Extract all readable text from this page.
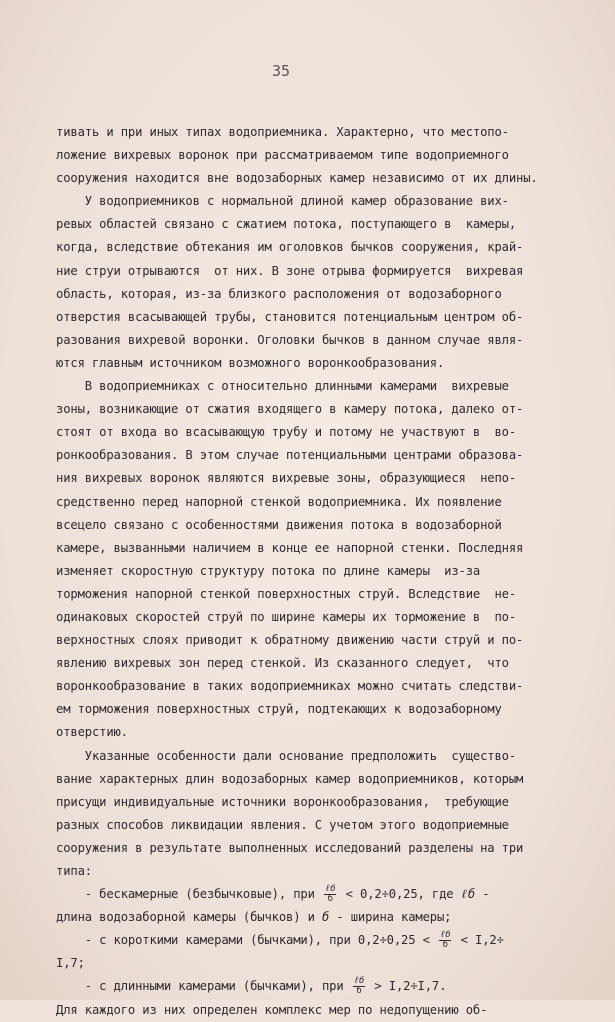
35
тивать и при иных типах водоприемника. Характерно, что местопо-
ложение вихревых воронок при рассматриваемом типе водоприемного
сооружения находится вне водозаборных камер независимо от их длины.
У водоприемников с нормальной длиной камер образование вих-
ревых областей связано с сжатием потока, поступающего в  камеры,
когда, вследствие обтекания им оголовков бычков сооружения, край-
ние струи отрываются  от них. В зоне отрыва формируется  вихревая
область, которая, из-за близкого расположения от водозаборного
отверстия всасывающей трубы, становится потенциальным центром об-
разования вихревой воронки. Оголовки бычков в данном случае явля-
ются главным источником возможного воронкообразования.
В водоприемниках с относительно длинными камерами  вихревые
зоны, возникающие от сжатия входящего в камеру потока, далеко от-
стоят от входа во всасывающую трубу и потому не участвуют в  во-
ронкообразования. В этом случае потенциальными центрами образова-
ния вихревых воронок являются вихревые зоны, образующиеся  непо-
средственно перед напорной стенкой водоприемника. Их появление
всецело связано с особенностями движения потока в водозаборной
камере, вызванными наличием в конце ее напорной стенки. Последняя
изменяет скоростную структуру потока по длине камеры  из-за
торможения напорной стенкой поверхностных струй. Вследствие  не-
одинаковых скоростей струй по ширине камеры их торможение в  по-
верхностных слоях приводит к обратному движению части струй и по-
явлению вихревых зон перед стенкой. Из сказанного следует,  что
воронкообразование в таких водоприемниках можно считать следстви-
ем торможения поверхностных струй, подтекающих к водозаборному
отверстию.
Указанные особенности дали основание предположить  существо-
вание характерных длин водозаборных камер водоприемников, которым
присущи индивидуальные источники воронкообразования,  требующие
разных способов ликвидации явления. С учетом этого водоприемные
сооружения в результате выполненных исследований разделены на три
типа:
- бескамерные (безбычковые), при $\frac{\text{ℓб}}{б} < 0,2\div 0,25$, где ℓб -
длина водозаборной камеры (бычков) и б - ширина камеры;
- с короткими камерами (бычками), при $0,2\div 0,25 < \frac{\text{ℓб}}{б} < I,2\div$
I,7;
- с длинными камерами (бычками), при $\frac{\text{ℓб}}{б} > I,2\div I,7$.
Для каждого из них определен комплекс мер по недопущению об-
